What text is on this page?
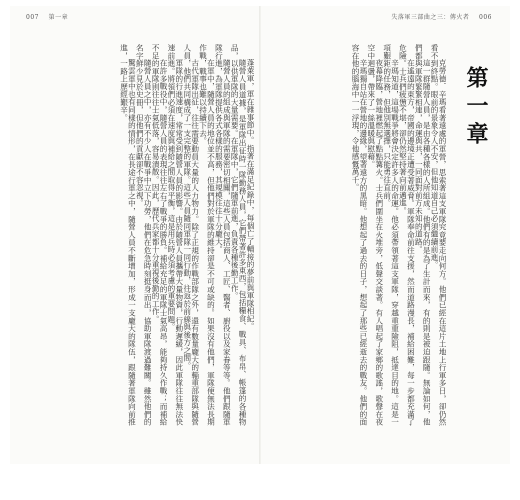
007 第一章

蓬萊軍，軍在雜事節中。指著在滿足紀錄中，每個亡了輔接的夢前與軍隊相紀。

隨營人員道據，是軍隊出征時一隊勤務人員，它們帶著許多東西，包括糧食、戰具、布帛、帳篷的各種物品，以供軍隊的大量需要。在軍隊中，它們隨軍前進，負責各種後勤工作。

隨營人員的組成與軍隊的需要密切相關，這些人員包括商人、工匠、醫者、廚役以及家眷等等。他們跟隨軍隊行進，為軍隊提供各式各樣的服務，其規模往往十分龐大。

在軍中，隨營人員的地位並不高，但他們對於軍隊的維持卻是不可或缺的。如果沒有他們，軍隊便無法長期作戰，戰事也難以持續下去。

古代軍隊出征，往往需要動員大量的人力物力。除了正規的作戰部隊之外，還有數量龐大的輜重部隊與隨營人員，他們共同構成了一支完整的軍隊。這些人員隨同軍隊一同行動，往返於前線與後方之間。

軍隊的行進速度，常常受到隨營人員的影響。由於隨營人員攜帶大量物資，行動遲緩，因此軍隊往往無法快速前進。將領們必須在速度與補給之間取得平衡，這是用兵時必須考慮的重要問題。

在許多戰役中，隨營人員的表現往往左右了戰爭的勝負。補給充足的軍隊士氣高昂，能夠持久作戰；而補給不足的軍隊則往往士氣低落，容易潰散。因此，歷代兵家都十分重視後勤的工作。

隨營人員之中，亦有不少人在戰爭中立下功勞，他們在危急時刻挺身而出，協助軍隊渡過難關。雖然他們的名字鮮少見於史冊，但他們的貢獻卻不容忽視。

驚雲軍中也有同樣的情形，在長途行軍之中，隨營人員不斷增加，形成一支龐大的隊伍，跟隨著軍隊向前推進，一路上歷經艱辛。

失落軍三部曲之三：傳火者 006
第一章

克勞德．辛瑪看著遠處的軍營，思索著這支軍隊究竟要走向何方。他們已經在這片土地上行軍多日，卻仍然看不到終點。眼前的景象令人不安，但他知道自己必須繼續前進。

這一群隨營人員，是由各種各樣的人所組成。他們有的是為了生計而來，有的則是被迫跟隨。無論如何，他們都與軍隊緊緊相連，命運與共，一同面對前方未知的道路。

在遙遠的東方，帝國的邊境正遭受著威脅。軍隊奉命前往支援，然而道路漫長，補給困難，每一步都充滿了危險。士兵們疲憊不堪，卻仍然堅持著向前邁進。

辛瑪知道，這場戰爭將會決定許多人的命運。他必須帶領著這支軍隊，穿越重重險阻，抵達目的地。這是一項艱鉅的任務，但他別無選擇，只能勇往直前。

夜幕降臨，營地裡燃起了點點篝火。士兵們圍坐在火堆旁，低聲交談著。有人唱起了家鄉的歌謠，歌聲在夜空中迴盪，帶來了一絲溫暖與慰藉。

辛瑪獨自站在營地的邊緣，望著遠方的黑暗。他想起了過去的日子，想起了那些已經逝去的戰友。他們的面容在他的腦海中一一浮現，令他感慨萬千。
